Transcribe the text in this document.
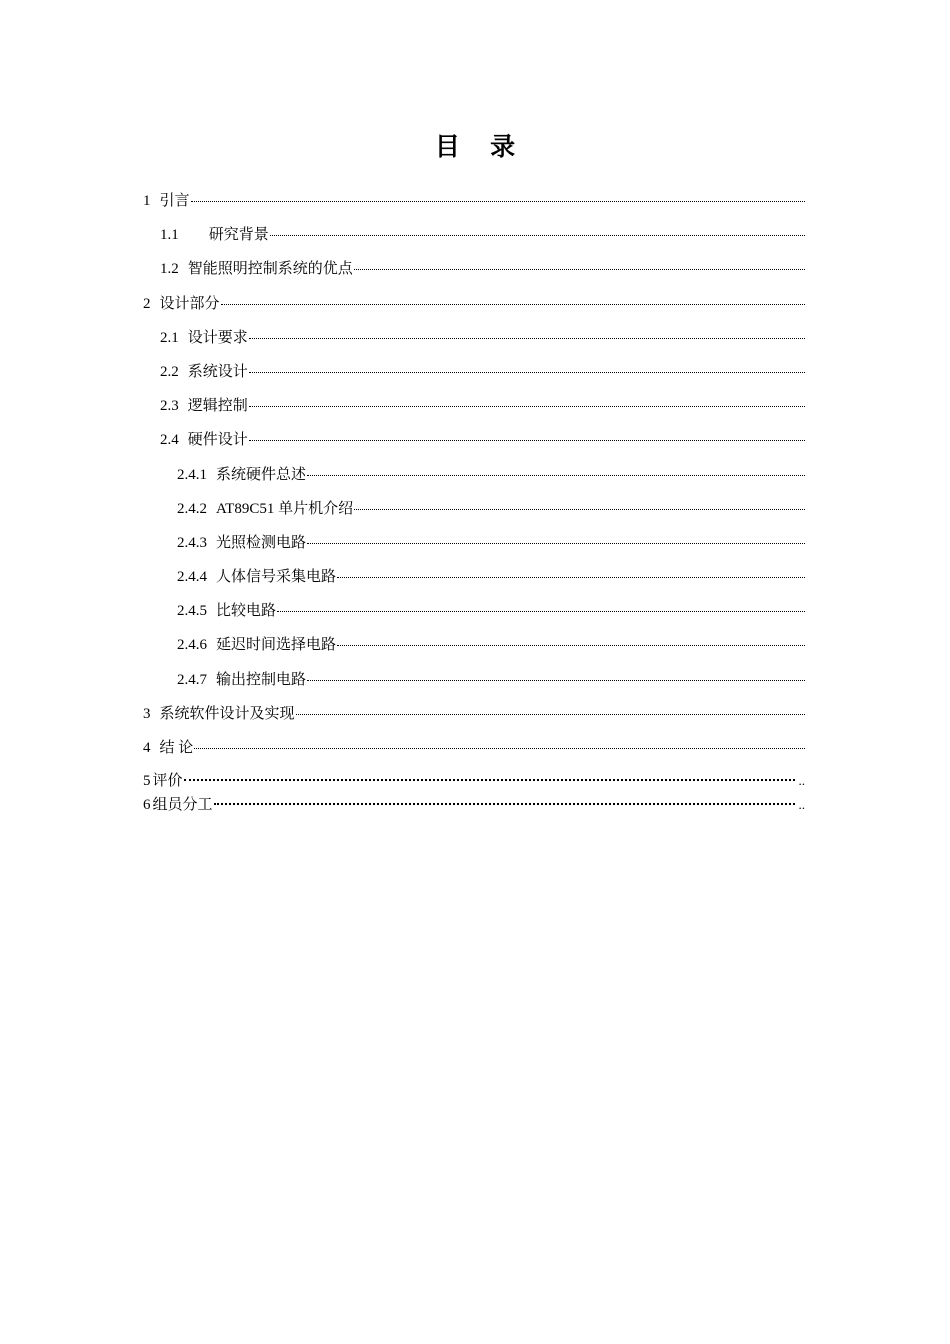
目 录
1 引言
1.1 研究背景
1.2 智能照明控制系统的优点
2 设计部分
2.1 设计要求
2.2 系统设计
2.3 逻辑控制
2.4 硬件设计
2.4.1 系统硬件总述
2.4.2 AT89C51 单片机介绍
2.4.3 光照检测电路
2.4.4 人体信号采集电路
2.4.5 比较电路
2.4.6 延迟时间选择电路
2.4.7 输出控制电路
3 系统软件设计及实现
4 结 论
5 评价	..
6 组员分工	..
